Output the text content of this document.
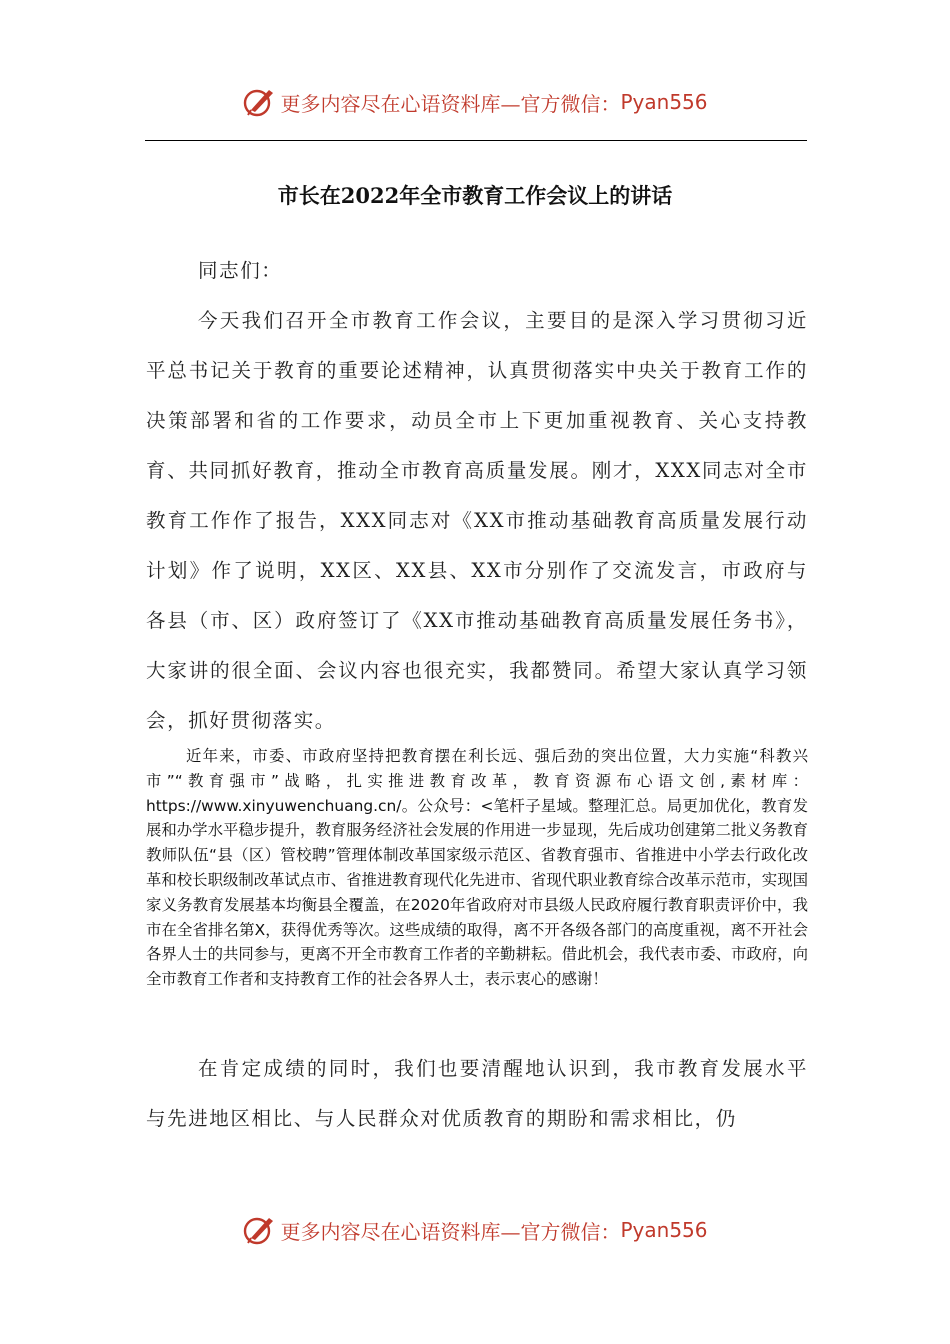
更多内容尽在心语资料库—官方微信： Pyan556
市长在2022年全市教育工作会议上的讲话

同志们：

今天我们召开全市教育工作会议，主要目的是深入学习贯彻习近平总书记关于教育的重要论述精神，认真贯彻落实中央关于教育工作的决策部署和省的工作要求，动员全市上下更加重视教育、关心支持教育、共同抓好教育，推动全市教育高质量发展。刚才，XXX同志对全市教育工作作了报告，XXX同志对《XX市推动基础教育高质量发展行动计划》作了说明，XX区、XX县、XX市分别作了交流发言，市政府与各县（市、区）政府签订了《XX市推动基础教育高质量发展任务书》，大家讲的很全面、会议内容也很充实，我都赞同。希望大家认真学习领会，抓好贯彻落实。

近年来，市委、市政府坚持把教育摆在利长远、强后劲的突出位置，大力实施“科教兴市”“教育强市”战略，扎实推进教育改革，教育资源布心语文创,素材库：https://www.xinyuwenchuang.cn/。公众号：<笔杆子星域。整理汇总。局更加优化，教育发展和办学水平稳步提升，教育服务经济社会发展的作用进一步显现，先后成功创建第二批义务教育教师队伍“县（区）管校聘”管理体制改革国家级示范区、省教育强市、省推进中小学去行政化改革和校长职级制改革试点市、省推进教育现代化先进市、省现代职业教育综合改革示范市，实现国家义务教育发展基本均衡县全覆盖，在2020年省政府对市县级人民政府履行教育职责评价中，我市在全省排名第X，获得优秀等次。这些成绩的取得，离不开各级各部门的高度重视，离不开社会各界人士的共同参与，更离不开全市教育工作者的辛勤耕耘。借此机会，我代表市委、市政府，向全市教育工作者和支持教育工作的社会各界人士，表示衷心的感谢！

在肯定成绩的同时，我们也要清醒地认识到，我市教育发展水平与先进地区相比、与人民群众对优质教育的期盼和需求相比，仍

更多内容尽在心语资料库—官方微信： Pyan556
